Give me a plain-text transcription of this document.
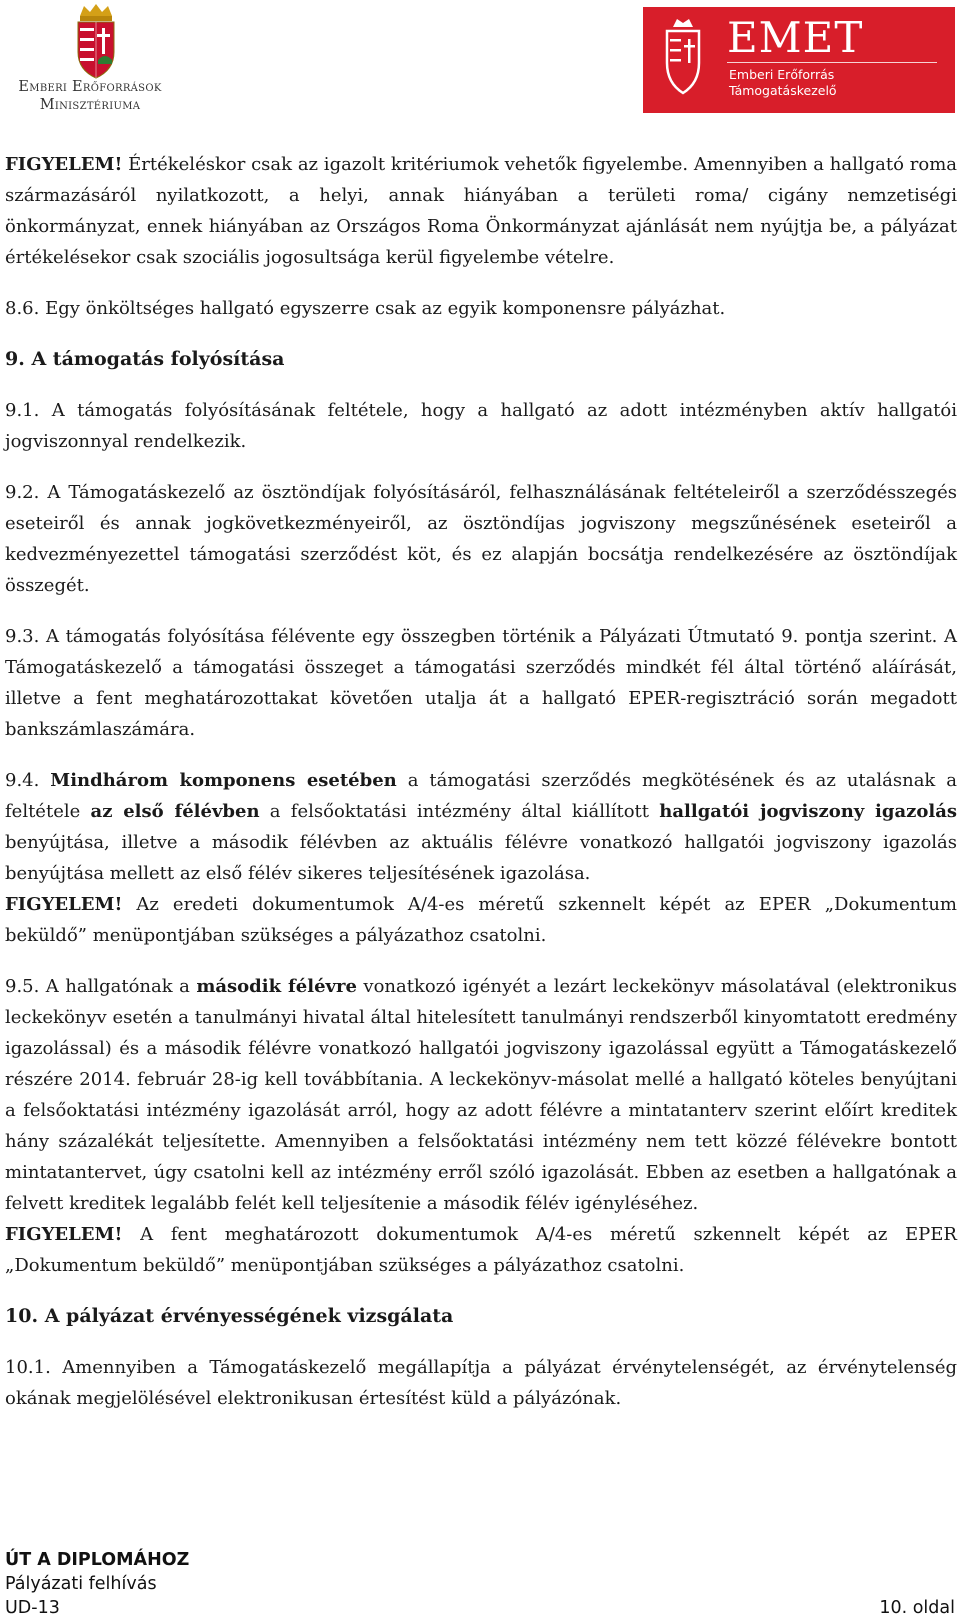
Emberi Erőforrások
Minisztériuma
EMET
Emberi Erőforrás
Támogatáskezelő

FIGYELEM! Értékeléskor csak az igazolt kritériumok vehetők figyelembe. Amennyiben a hallgató roma származásáról nyilatkozott, a helyi, annak hiányában a területi roma/ cigány nemzetiségi önkormányzat, ennek hiányában az Országos Roma Önkormányzat ajánlását nem nyújtja be, a pályázat értékelésekor csak szociális jogosultsága kerül figyelembe vételre.

8.6. Egy önköltséges hallgató egyszerre csak az egyik komponensre pályázhat.

9. A támogatás folyósítása

9.1. A támogatás folyósításának feltétele, hogy a hallgató az adott intézményben aktív hallgatói jogviszonnyal rendelkezik.

9.2. A Támogatáskezelő az ösztöndíjak folyósításáról, felhasználásának feltételeiről a szerződésszegés eseteiről és annak jogkövetkezményeiről, az ösztöndíjas jogviszony megszűnésének eseteiről a kedvezményezettel támogatási szerződést köt, és ez alapján bocsátja rendelkezésére az ösztöndíjak összegét.

9.3. A támogatás folyósítása félévente egy összegben történik a Pályázati Útmutató 9. pontja szerint. A Támogatáskezelő a támogatási összeget a támogatási szerződés mindkét fél által történő aláírását, illetve a fent meghatározottakat követően utalja át a hallgató EPER-regisztráció során megadott bankszámlaszámára.

9.4. Mindhárom komponens esetében a támogatási szerződés megkötésének és az utalásnak a feltétele az első félévben a felsőoktatási intézmény által kiállított hallgatói jogviszony igazolás benyújtása, illetve a második félévben az aktuális félévre vonatkozó hallgatói jogviszony igazolás benyújtása mellett az első félév sikeres teljesítésének igazolása.

FIGYELEM! Az eredeti dokumentumok A/4-es méretű szkennelt képét az EPER „Dokumentum beküldő” menüpontjában szükséges a pályázathoz csatolni.

9.5. A hallgatónak a második félévre vonatkozó igényét a lezárt leckekönyv másolatával (elektronikus leckekönyv esetén a tanulmányi hivatal által hitelesített tanulmányi rendszerből kinyomtatott eredmény igazolással) és a második félévre vonatkozó hallgatói jogviszony igazolással együtt a Támogatáskezelő részére 2014. február 28-ig kell továbbítania. A leckekönyv-másolat mellé a hallgató köteles benyújtani a felsőoktatási intézmény igazolását arról, hogy az adott félévre a mintatanterv szerint előírt kreditek hány százalékát teljesítette. Amennyiben a felsőoktatási intézmény nem tett közzé félévekre bontott mintatantervet, úgy csatolni kell az intézmény erről szóló igazolását. Ebben az esetben a hallgatónak a felvett kreditek legalább felét kell teljesítenie a második félév igényléséhez.

FIGYELEM! A fent meghatározott dokumentumok A/4-es méretű szkennelt képét az EPER „Dokumentum beküldő” menüpontjában szükséges a pályázathoz csatolni.

10. A pályázat érvényességének vizsgálata

10.1. Amennyiben a Támogatáskezelő megállapítja a pályázat érvénytelenségét, az érvénytelenség okának megjelölésével elektronikusan értesítést küld a pályázónak.

ÚT A DIPLOMÁHOZ
Pályázati felhívás
UD-13	10. oldal
